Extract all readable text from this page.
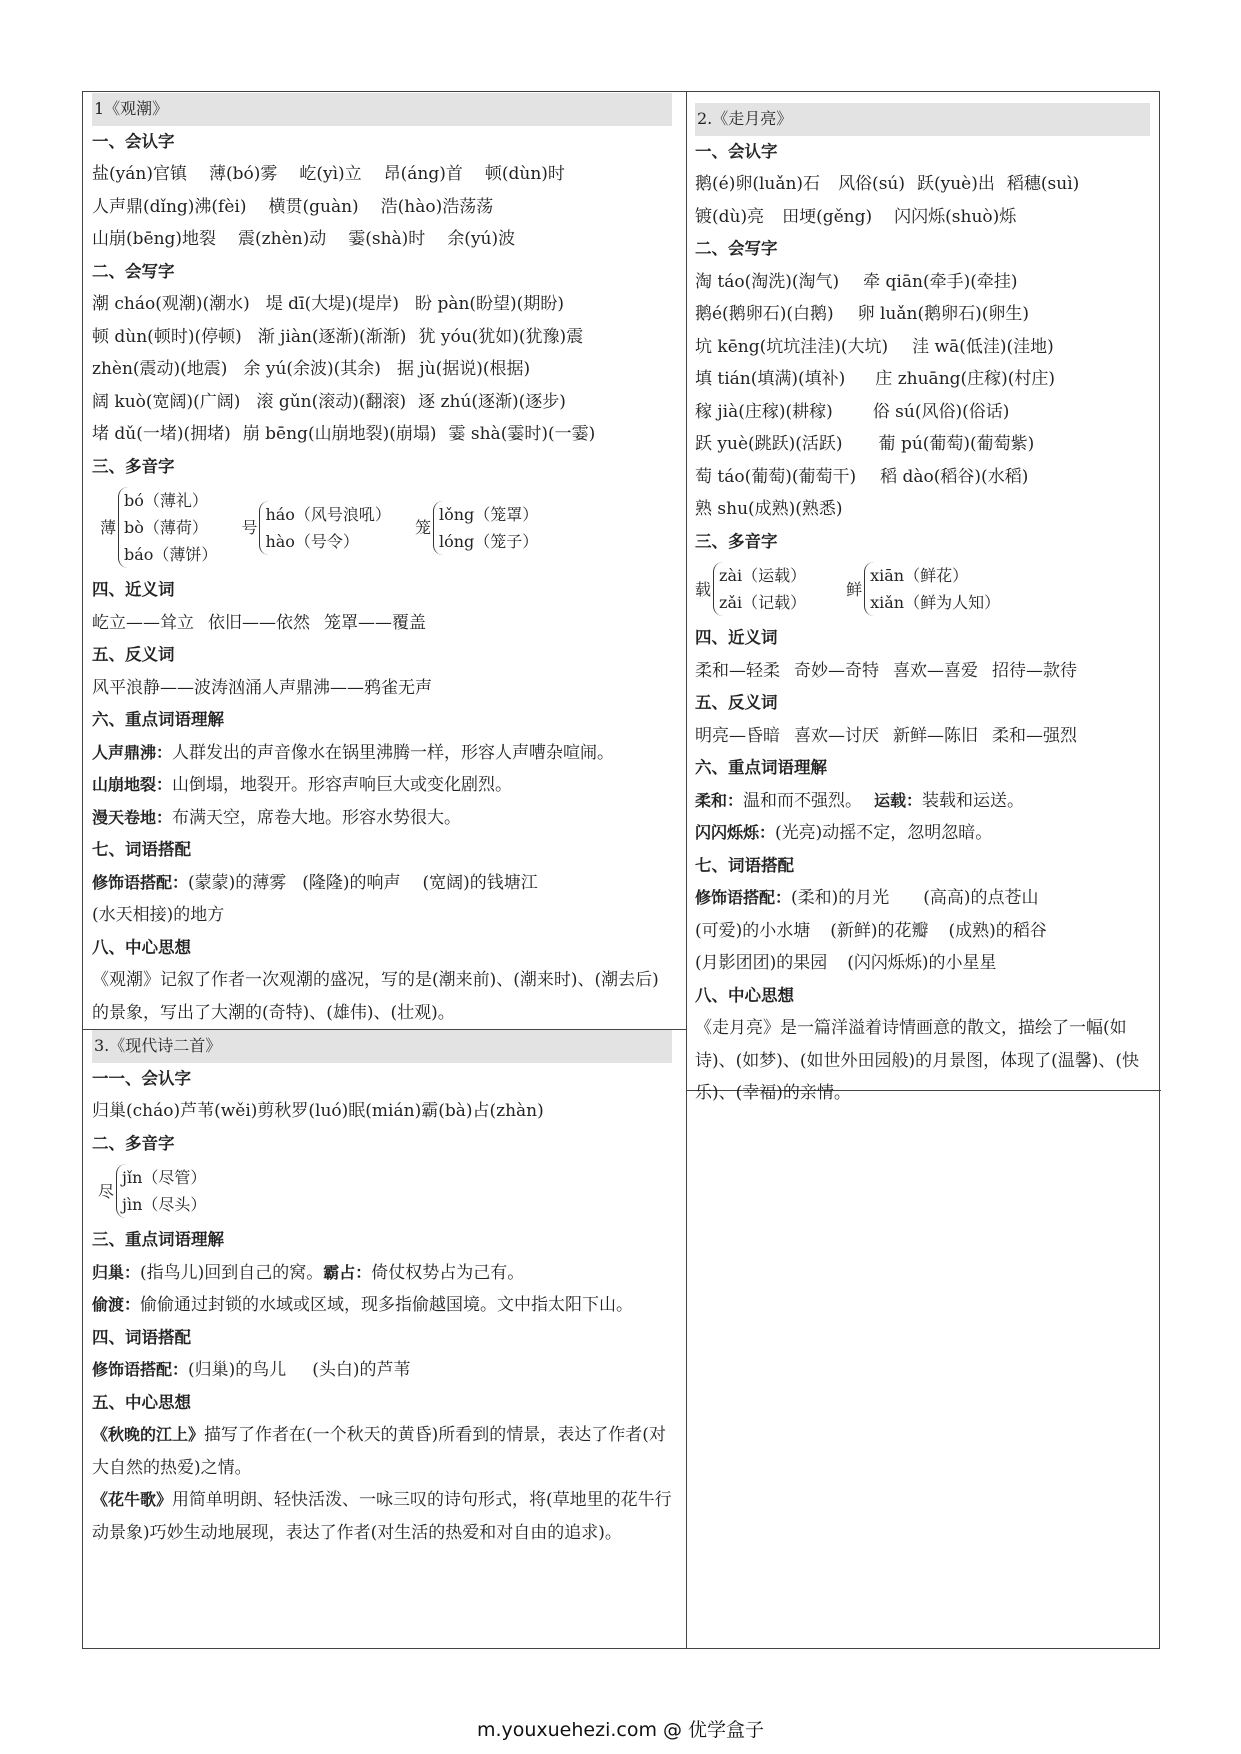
1《观潮》

一、会认字

盐(yán)官镇 薄(bó)雾 屹(yì)立 昂(áng)首 顿(dùn)时

人声鼎(dǐng)沸(fèi) 横贯(guàn) 浩(hào)浩荡荡

山崩(bēng)地裂 震(zhèn)动 霎(shà)时 余(yú)波

二、会写字

潮 cháo(观潮)(潮水) 堤 dī(大堤)(堤岸) 盼 pàn(盼望)(期盼)

顿 dùn(顿时)(停顿) 渐 jiàn(逐渐)(渐渐) 犹 yóu(犹如)(犹豫)震

zhèn(震动)(地震) 余 yú(余波)(其余) 据 jù(据说)(根据)

阔 kuò(宽阔)(广阔) 滚 gǔn(滚动)(翻滚) 逐 zhú(逐渐)(逐步)

堵 dǔ(一堵)(拥堵) 崩 bēng(山崩地裂)(崩塌) 霎 shà(霎时)(一霎)

三、多音字

薄
bó（薄礼）
bò（薄荷）
báo（薄饼）
号
háo（风号浪吼）
hào（号令）
笼
lǒng（笼罩）
lóng（笼子）

四、近义词

屹立——耸立 依旧——依然 笼罩——覆盖

五、反义词

风平浪静——波涛汹涌人声鼎沸——鸦雀无声

六、重点词语理解

人声鼎沸：人群发出的声音像水在锅里沸腾一样，形容人声嘈杂喧闹。

山崩地裂：山倒塌，地裂开。形容声响巨大或变化剧烈。

漫天卷地：布满天空，席卷大地。形容水势很大。

七、词语搭配

修饰语搭配：(蒙蒙)的薄雾 (隆隆)的响声 (宽阔)的钱塘江

(水天相接)的地方

八、中心思想

《观潮》记叙了作者一次观潮的盛况，写的是(潮来前)、(潮来时)、(潮去后)的景象，写出了大潮的(奇特)、(雄伟)、(壮观)。

3.《现代诗二首》

一一、会认字

归巢(cháo)芦苇(wěi)剪秋罗(luó)眠(mián)霸(bà)占(zhàn)

二、多音字

尽
jǐn（尽管）
jìn（尽头）

三、重点词语理解

归巢：(指鸟儿)回到自己的窝。霸占：倚仗权势占为己有。

偷渡：偷偷通过封锁的水域或区域，现多指偷越国境。文中指太阳下山。

四、词语搭配

修饰语搭配：(归巢)的鸟儿 (头白)的芦苇

五、中心思想

《秋晚的江上》描写了作者在(一个秋天的黄昏)所看到的情景，表达了作者(对大自然的热爱)之情。

《花牛歌》用简单明朗、轻快活泼、一咏三叹的诗句形式，将(草地里的花牛行动景象)巧妙生动地展现，表达了作者(对生活的热爱和对自由的追求)。

2.《走月亮》

一、会认字

鹅(é)卵(luǎn)石 风俗(sú) 跃(yuè)出 稻穗(suì)

镀(dù)亮 田埂(gěng) 闪闪烁(shuò)烁

二、会写字

淘 táo(淘洗)(淘气) 牵 qiān(牵手)(牵挂)

鹅é(鹅卵石)(白鹅) 卵 luǎn(鹅卵石)(卵生)

坑 kēng(坑坑洼洼)(大坑) 洼 wā(低洼)(洼地)

填 tián(填满)(填补) 庄 zhuāng(庄稼)(村庄)

稼 jià(庄稼)(耕稼) 俗 sú(风俗)(俗话)

跃 yuè(跳跃)(活跃) 葡 pú(葡萄)(葡萄紫)

萄 táo(葡萄)(葡萄干) 稻 dào(稻谷)(水稻)

熟 shu(成熟)(熟悉)

三、多音字

载
zài（运载）
zǎi（记载）
鲜
xiān（鲜花）
xiǎn（鲜为人知）

四、近义词

柔和—轻柔 奇妙—奇特 喜欢—喜爱 招待—款待

五、反义词

明亮—昏暗 喜欢—讨厌 新鲜—陈旧 柔和—强烈

六、重点词语理解

柔和：温和而不强烈。 运载：装载和运送。

闪闪烁烁：(光亮)动摇不定，忽明忽暗。

七、词语搭配

修饰语搭配：(柔和)的月光 (高高)的点苍山

(可爱)的小水塘 (新鲜)的花瓣 (成熟)的稻谷

(月影团团)的果园 (闪闪烁烁)的小星星

八、中心思想

《走月亮》是一篇洋溢着诗情画意的散文，描绘了一幅(如诗)、(如梦)、(如世外田园般)的月景图，体现了(温馨)、(快乐)、(幸福)的亲情。

m.youxuehezi.com @ 优学盒子
